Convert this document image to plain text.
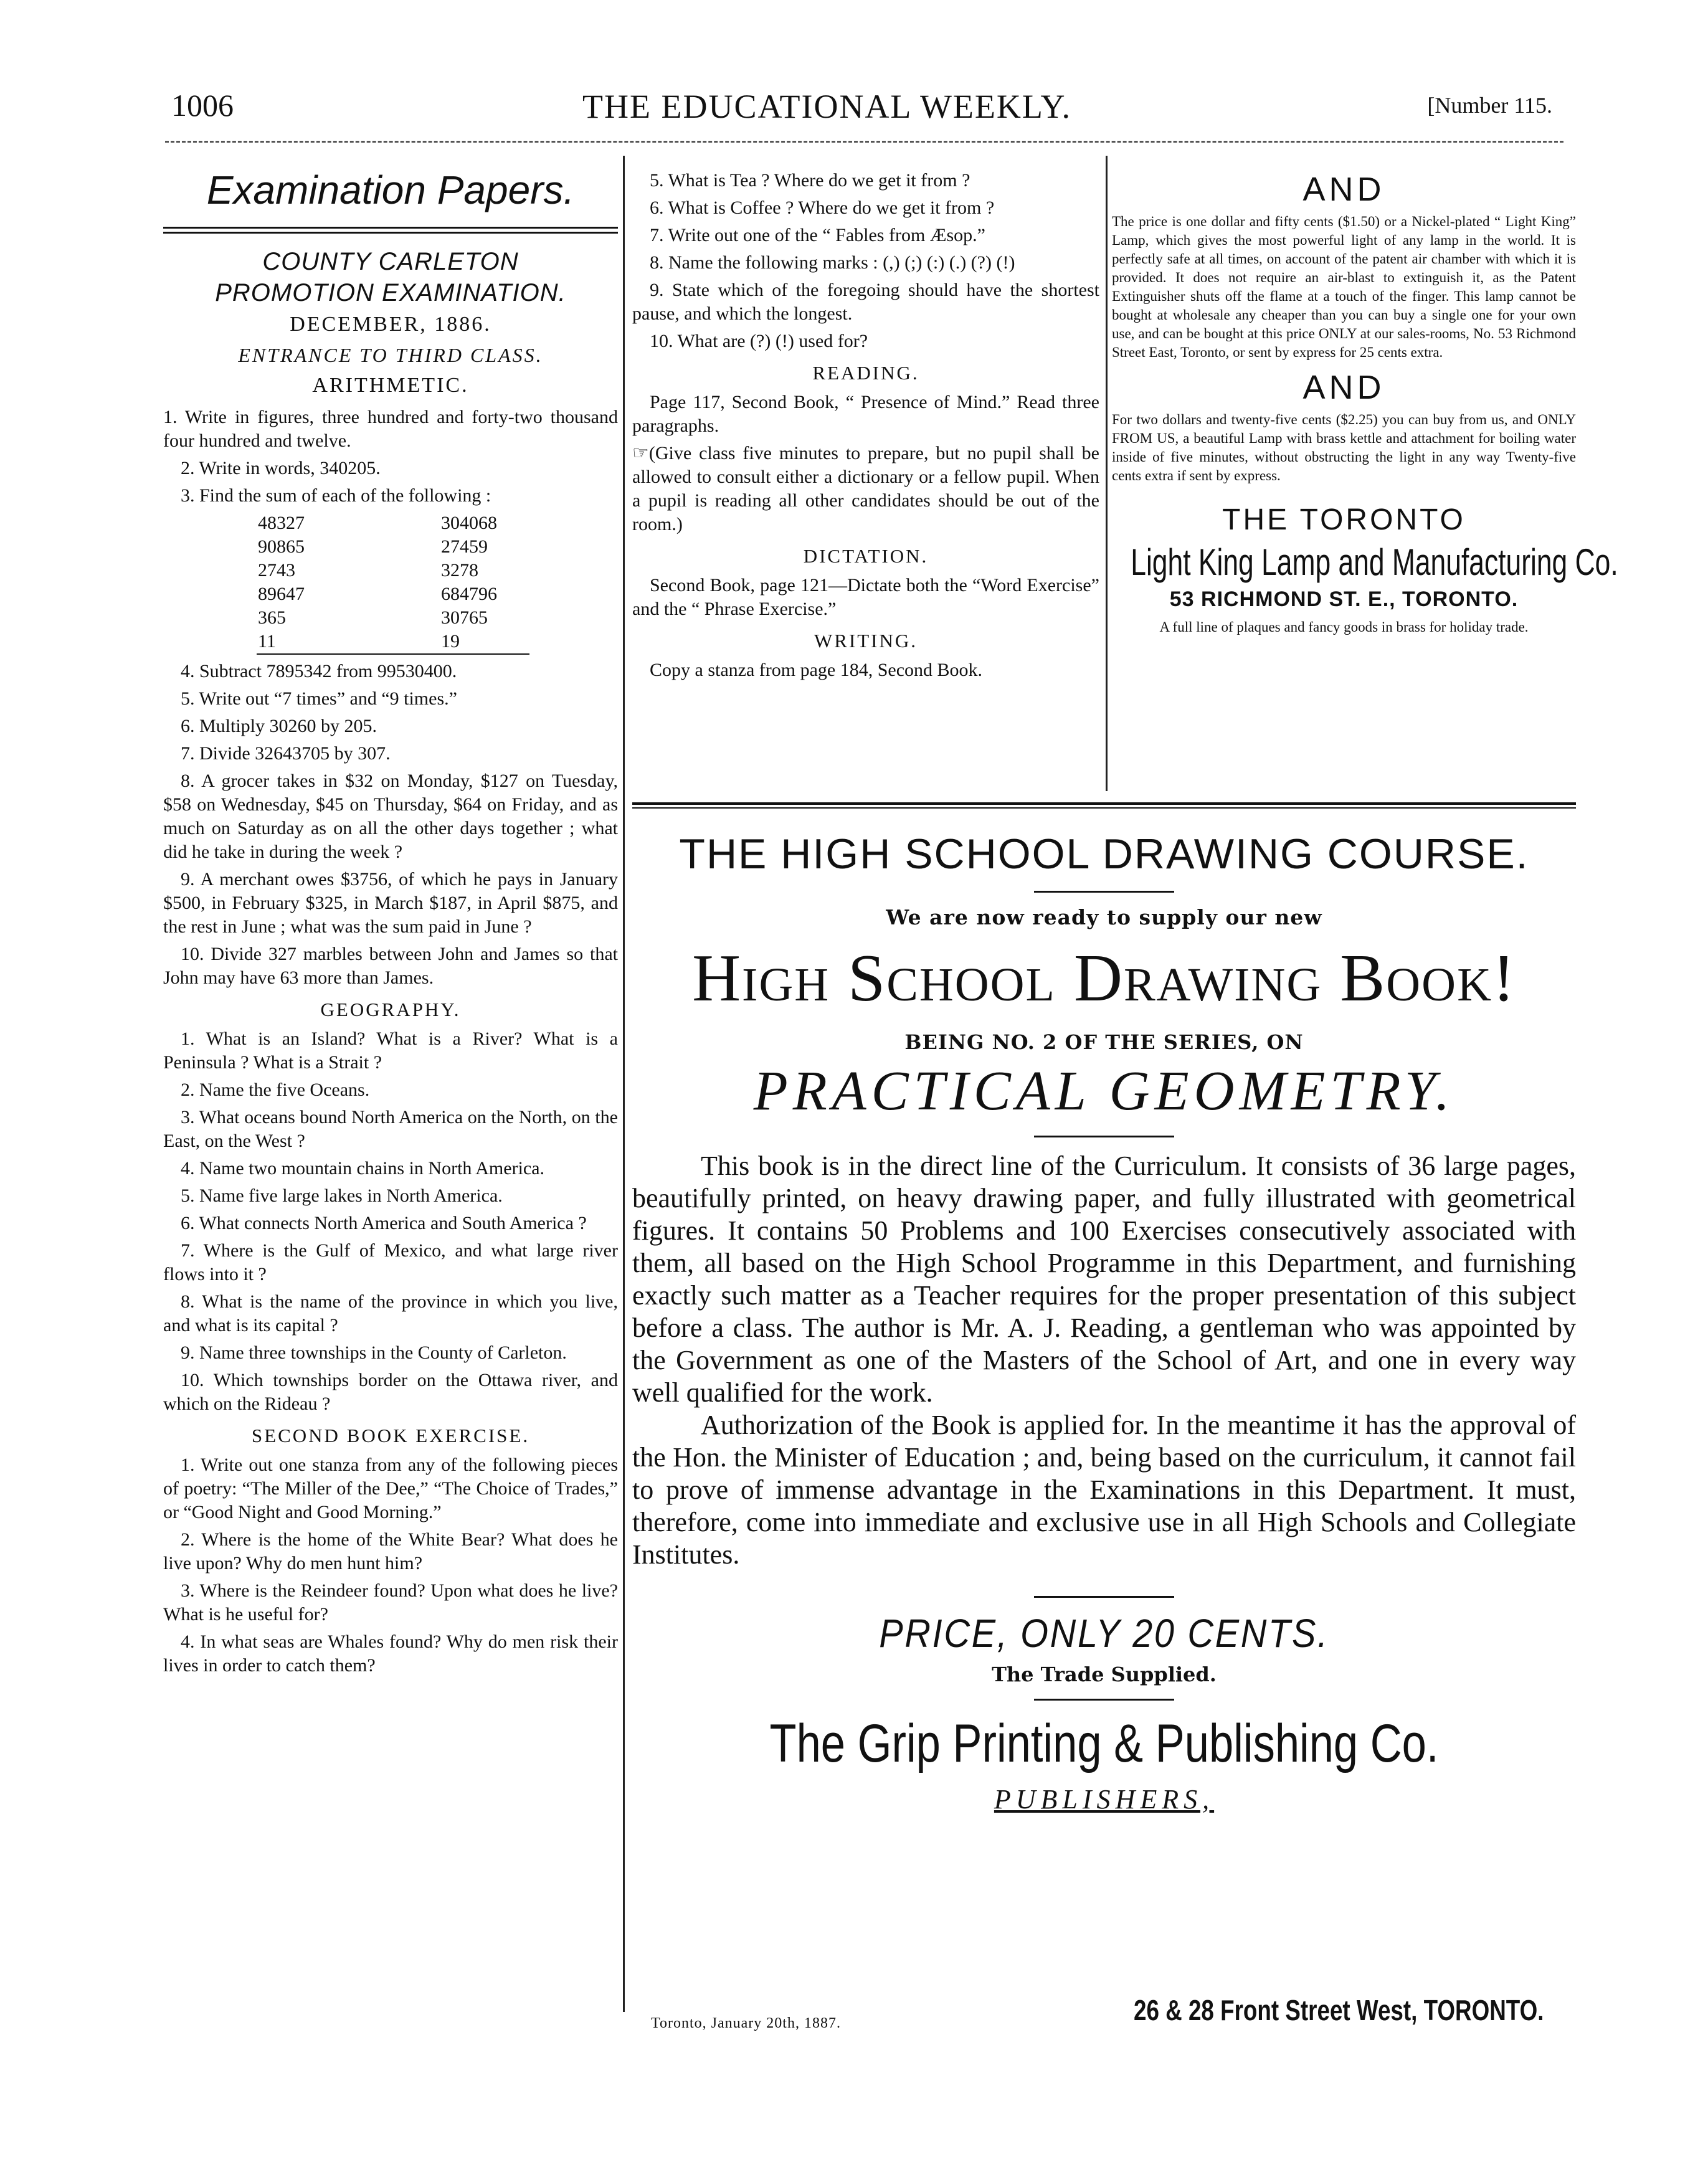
1006	THE EDUCATIONAL WEEKLY.	[Number 115.
Examination Papers.
COUNTY CARLETON
PROMOTION EXAMINATION.
DECEMBER, 1886.
ENTRANCE TO THIRD CLASS.
ARITHMETIC.
1. Write in figures, three hundred and forty-two thousand four hundred and twelve.
2. Write in words, 340205.
3. Find the sum of each of the following :
48327	304068
90865	27459
2743	3278
89647	684796
365	30765
11	19
4. Subtract 7895342 from 99530400.
5. Write out “7 times” and “9 times.”
6. Multiply 30260 by 205.
7. Divide 32643705 by 307.
8. A grocer takes in $32 on Monday, $127 on Tuesday, $58 on Wednesday, $45 on Thursday, $64 on Friday, and as much on Saturday as on all the other days together ; what did he take in during the week ?
9. A merchant owes $3756, of which he pays in January $500, in February $325, in March $187, in April $875, and the rest in June ; what was the sum paid in June ?
10. Divide 327 marbles between John and James so that John may have 63 more than James.
GEOGRAPHY.
1. What is an Island? What is a River? What is a Peninsula ? What is a Strait ?
2. Name the five Oceans.
3. What oceans bound North America on the North, on the East, on the West ?
4. Name two mountain chains in North America.
5. Name five large lakes in North America.
6. What connects North America and South America ?
7. Where is the Gulf of Mexico, and what large river flows into it ?
8. What is the name of the province in which you live, and what is its capital ?
9. Name three townships in the County of Carleton.
10. Which townships border on the Ottawa river, and which on the Rideau ?
SECOND BOOK EXERCISE.
1. Write out one stanza from any of the following pieces of poetry: “The Miller of the Dee,” “The Choice of Trades,” or “Good Night and Good Morning.”
2. Where is the home of the White Bear? What does he live upon? Why do men hunt him?
3. Where is the Reindeer found? Upon what does he live? What is he useful for?
4. In what seas are Whales found? Why do men risk their lives in order to catch them?
5. What is Tea ? Where do we get it from ?
6. What is Coffee ? Where do we get it from ?
7. Write out one of the “ Fables from Æsop.”
8. Name the following marks : (,) (;) (:) (.) (?) (!)
9. State which of the foregoing should have the shortest pause, and which the longest.
10. What are (?) (!) used for?
READING.
Page 117, Second Book, “ Presence of Mind.” Read three paragraphs.
☞(Give class five minutes to prepare, but no pupil shall be allowed to consult either a dictionary or a fellow pupil. When a pupil is reading all other candidates should be out of the room.)
DICTATION.
Second Book, page 121—Dictate both the “Word Exercise” and the “ Phrase Exercise.”
WRITING.
Copy a stanza from page 184, Second Book.
AND
The price is one dollar and fifty cents ($1.50) or a Nickel-plated “ Light King” Lamp, which gives the most powerful light of any lamp in the world. It is perfectly safe at all times, on account of the patent air chamber with which it is provided. It does not require an air-blast to extinguish it, as the Patent Extinguisher shuts off the flame at a touch of the finger. This lamp cannot be bought at wholesale any cheaper than you can buy a single one for your own use, and can be bought at this price ONLY at our sales-rooms, No. 53 Richmond Street East, Toronto, or sent by express for 25 cents extra.
AND
For two dollars and twenty-five cents ($2.25) you can buy from us, and ONLY FROM US, a beautiful Lamp with brass kettle and attachment for boiling water inside of five minutes, without obstructing the light in any way Twenty-five cents extra if sent by express.
THE TORONTO
Light King Lamp and Manufacturing Co.
53 RICHMOND ST. E., TORONTO.
A full line of plaques and fancy goods in brass for holiday trade.
THE HIGH SCHOOL DRAWING COURSE.
We are now ready to supply our new
High School Drawing Book!
BEING NO. 2 OF THE SERIES, ON
PRACTICAL GEOMETRY.
This book is in the direct line of the Curriculum. It consists of 36 large pages, beautifully printed, on heavy drawing paper, and fully illustrated with geometrical figures. It contains 50 Problems and 100 Exercises consecutively associated with them, all based on the High School Programme in this Department, and furnishing exactly such matter as a Teacher requires for the proper presentation of this subject before a class. The author is Mr. A. J. Reading, a gentleman who was appointed by the Government as one of the Masters of the School of Art, and one in every way well qualified for the work.
Authorization of the Book is applied for. In the meantime it has the approval of the Hon. the Minister of Education ; and, being based on the curriculum, it cannot fail to prove of immense advantage in the Examinations in this Department. It must, therefore, come into immediate and exclusive use in all High Schools and Collegiate Institutes.
PRICE, ONLY 20 CENTS.
The Trade Supplied.
The Grip Printing & Publishing Co.
PUBLISHERS,
Toronto, January 20th, 1887.	26 & 28 Front Street West, TORONTO.
